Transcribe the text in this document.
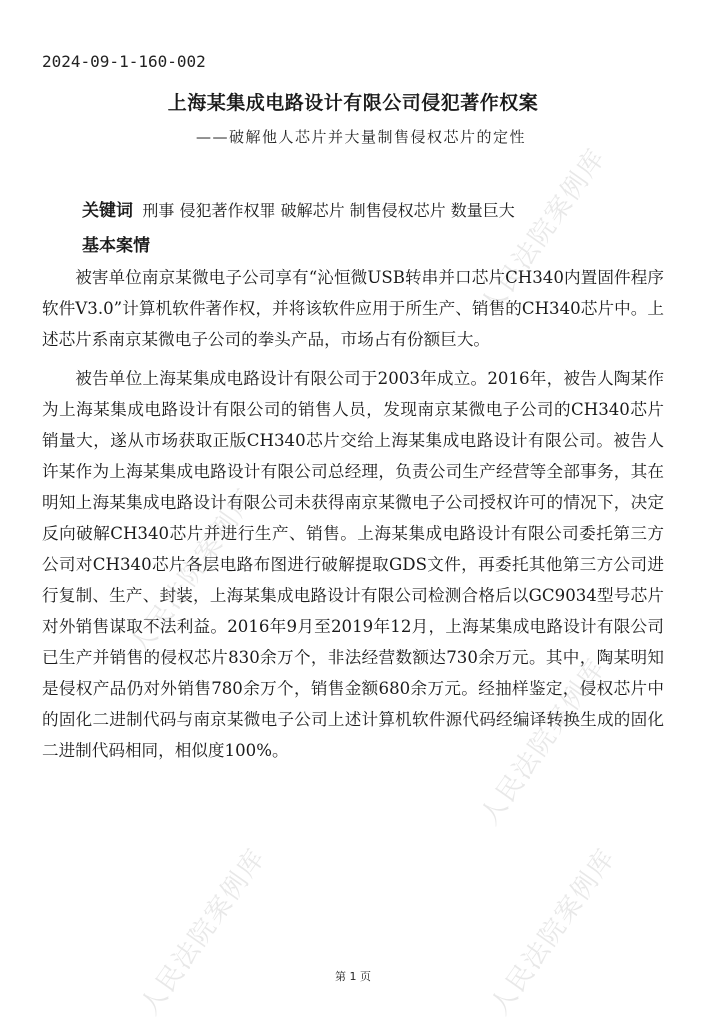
人民法院案例库
人民法院案例库
人民法院案例库
人民法院案例库	人民法院案例库
2024-09-1-160-002
上海某集成电路设计有限公司侵犯著作权案
——破解他人芯片并大量制售侵权芯片的定性
关键词 刑事 侵犯著作权罪 破解芯片 制售侵权芯片 数量巨大
基本案情

被害单位南京某微电子公司享有“沁恒微USB转串并口芯片CH340内置固件程序软件V3.0”计算机软件著作权，并将该软件应用于所生产、销售的CH340芯片中。上述芯片系南京某微电子公司的拳头产品，市场占有份额巨大。

被告单位上海某集成电路设计有限公司于2003年成立。2016年，被告人陶某作为上海某集成电路设计有限公司的销售人员，发现南京某微电子公司的CH340芯片销量大，遂从市场获取正版CH340芯片交给上海某集成电路设计有限公司。被告人许某作为上海某集成电路设计有限公司总经理，负责公司生产经营等全部事务，其在明知上海某集成电路设计有限公司未获得南京某微电子公司授权许可的情况下，决定反向破解CH340芯片并进行生产、销售。上海某集成电路设计有限公司委托第三方公司对CH340芯片各层电路布图进行破解提取GDS文件，再委托其他第三方公司进行复制、生产、封装，上海某集成电路设计有限公司检测合格后以GC9034型号芯片对外销售谋取不法利益。2016年9月至2019年12月，上海某集成电路设计有限公司已生产并销售的侵权芯片830余万个，非法经营数额达730余万元。其中，陶某明知是侵权产品仍对外销售780余万个，销售金额680余万元。经抽样鉴定，侵权芯片中的固化二进制代码与南京某微电子公司上述计算机软件源代码经编译转换生成的固化二进制代码相同，相似度100%。

第 1 页
